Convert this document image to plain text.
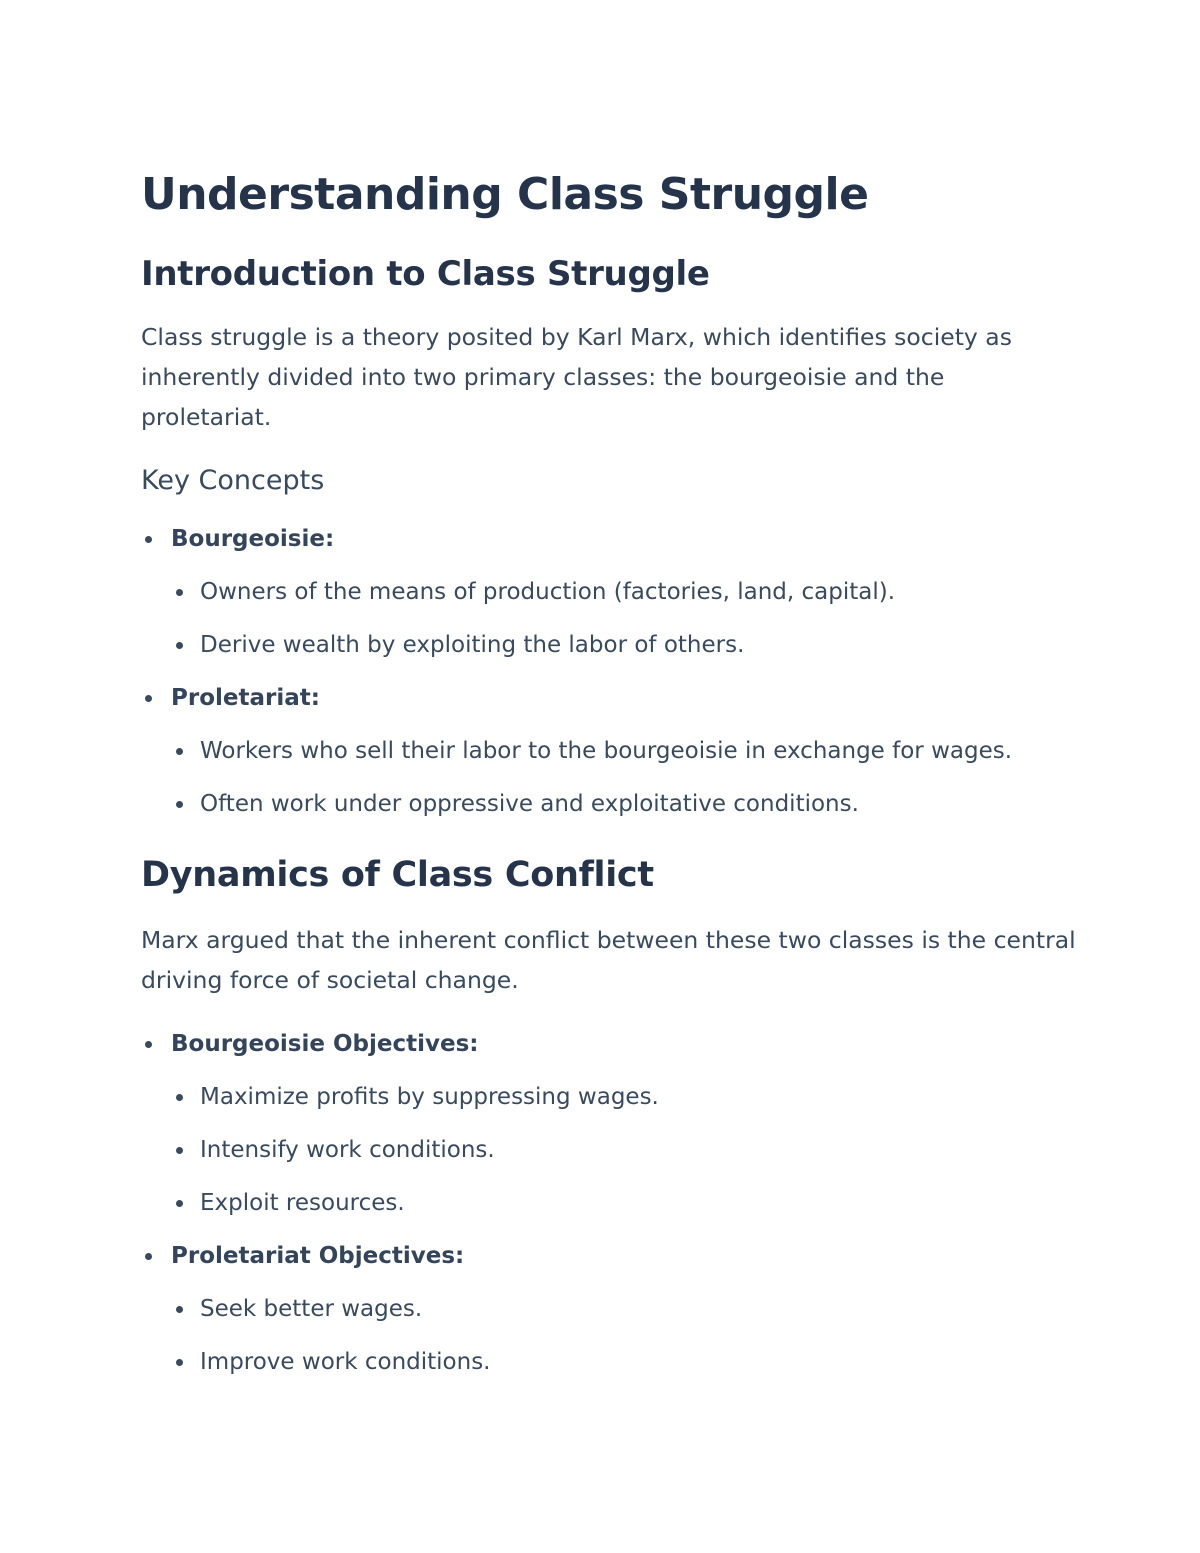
Understanding Class Struggle
Introduction to Class Struggle

Class struggle is a theory posited by Karl Marx, which identifies society as inherently divided into two primary classes: the bourgeoisie and the proletariat.

Key Concepts
Bourgeoisie:
Owners of the means of production (factories, land, capital).
Derive wealth by exploiting the labor of others.
Proletariat:
Workers who sell their labor to the bourgeoisie in exchange for wages.
Often work under oppressive and exploitative conditions.
Dynamics of Class Conflict

Marx argued that the inherent conflict between these two classes is the central driving force of societal change.

Bourgeoisie Objectives:
Maximize profits by suppressing wages.
Intensify work conditions.
Exploit resources.
Proletariat Objectives:
Seek better wages.
Improve work conditions.
